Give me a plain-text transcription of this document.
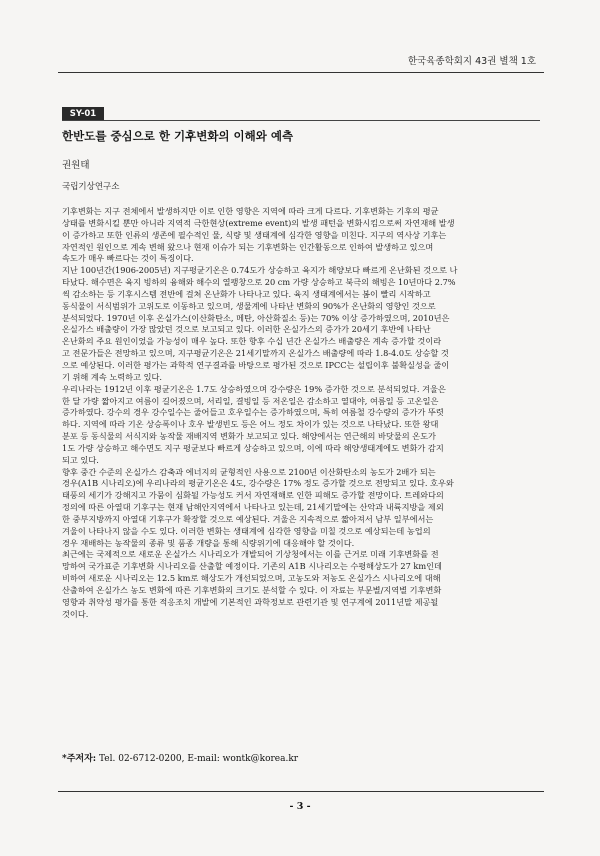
한국육종학회지 43권 별책 1호
SY-01
한반도를 중심으로 한 기후변화의 이해와 예측
권원태
국립기상연구소
기후변화는 지구 전체에서 발생하지만 이로 인한 영향은 지역에 따라 크게 다르다. 기후변화는 기후의 평균
상태를 변화시킬 뿐만 아니라 지역적 극한현상(extreme event)의 발생 패턴을 변화시킴으로써 자연재해 발생
이 증가하고 또한 인류의 생존에 필수적인 물, 식량 및 생태계에 심각한 영향을 미친다. 지구의 역사상 기후는
자연적인 원인으로 계속 변해 왔으나 현재 이슈가 되는 기후변화는 인간활동으로 인하여 발생하고 있으며
속도가 매우 빠르다는 것이 특징이다.
지난 100년간(1906-2005년) 지구평균기온은 0.74도가 상승하고 육지가 해양보다 빠르게 온난화된 것으로 나
타났다. 해수면은 육지 빙하의 융해와 해수의 열팽창으로 20 cm 가량 상승하고 북극의 해빙은 10년마다 2.7%
씩 감소하는 등 기후시스템 전반에 걸쳐 온난화가 나타나고 있다. 육지 생태계에서는 봄이 빨리 시작하고
동식물이 서식범위가 고위도로 이동하고 있으며, 생물계에 나타난 변화의 90%가 온난화의 영향인 것으로
분석되었다. 1970년 이후 온실가스(이산화탄소, 메탄, 아산화질소 등)는 70% 이상 증가하였으며, 2010년은
온실가스 배출량이 가장 많았던 것으로 보고되고 있다. 이러한 온실가스의 증가가 20세기 후반에 나타난
온난화의 주요 원인이었을 가능성이 매우 높다. 또한 향후 수십 년간 온실가스 배출량은 계속 증가할 것이라
고 전문가들은 전망하고 있으며, 지구평균기온은 21세기말까지 온실가스 배출량에 따라 1.8-4.0도 상승할 것
으로 예상된다. 이러한 평가는 과학적 연구결과를 바탕으로 평가된 것으로 IPCC는 설립이후 불확실성을 줄이
기 위해 계속 노력하고 있다.
우리나라는 1912년 이후 평균기온은 1.7도 상승하였으며 강수량은 19% 증가한 것으로 분석되었다. 겨울은
한 달 가량 짧아지고 여름이 길어졌으며, 서리일, 결빙일 등 저온일은 감소하고 열대야, 여름일 등 고온일은
증가하였다. 강수의 경우 강수일수는 줄어들고 호우일수는 증가하였으며, 특히 여름철 강수량의 증가가 뚜렷
하다. 지역에 따라 기온 상승폭이나 호우 발생빈도 등은 어느 정도 차이가 있는 것으로 나타났다. 또한 왕대
분포 등 동식물의 서식지와 농작물 재배지역 변화가 보고되고 있다. 해양에서는 연근해의 바닷물의 온도가
1도 가량 상승하고 해수면도 지구 평균보다 빠르게 상승하고 있으며, 이에 따라 해양생태계에도 변화가 감지
되고 있다.
향후 중간 수준의 온실가스 감축과 에너지의 균형적인 사용으로 2100년 이산화탄소의 농도가 2배가 되는
경우(A1B 시나리오)에 우리나라의 평균기온은 4도, 강수량은 17% 정도 증가할 것으로 전망되고 있다. 호우와
태풍의 세기가 강해지고 가뭄이 심화될 가능성도 커서 자연재해로 인한 피해도 증가할 전망이다. 트레와다의
정의에 따른 아열대 기후구는 현재 남해안지역에서 나타나고 있는데, 21세기말에는 산악과 내륙지방을 제외
한 중부지방까지 아열대 기후구가 확장할 것으로 예상된다. 겨울은 지속적으로 짧아져서 남부 일부에서는
겨울이 나타나지 않을 수도 있다. 이러한 변화는 생태계에 심각한 영향을 미칠 것으로 예상되는데 농업의
경우 재배하는 농작물의 종류 및 품종 개량을 통해 식량위기에 대응해야 할 것이다.
최근에는 국제적으로 새로운 온실가스 시나리오가 개발되어 기상청에서는 이를 근거로 미래 기후변화를 전
망하여 국가표준 기후변화 시나리오를 산출할 예정이다. 기존의 A1B 시나리오는 수평해상도가 27 km인데
비하여 새로운 시나리오는 12.5 km로 해상도가 개선되었으며, 고농도와 저농도 온실가스 시나리오에 대해
산출하여 온실가스 농도 변화에 따른 기후변화의 크기도 분석할 수 있다. 이 자료는 부문별/지역별 기후변화
영향과 취약성 평가를 통한 적응조치 개발에 기본적인 과학정보로 관련기관 및 연구계에 2011년말 제공될
것이다.
*주저자: Tel. 02-6712-0200, E-mail: wontk@korea.kr
- 3 -
